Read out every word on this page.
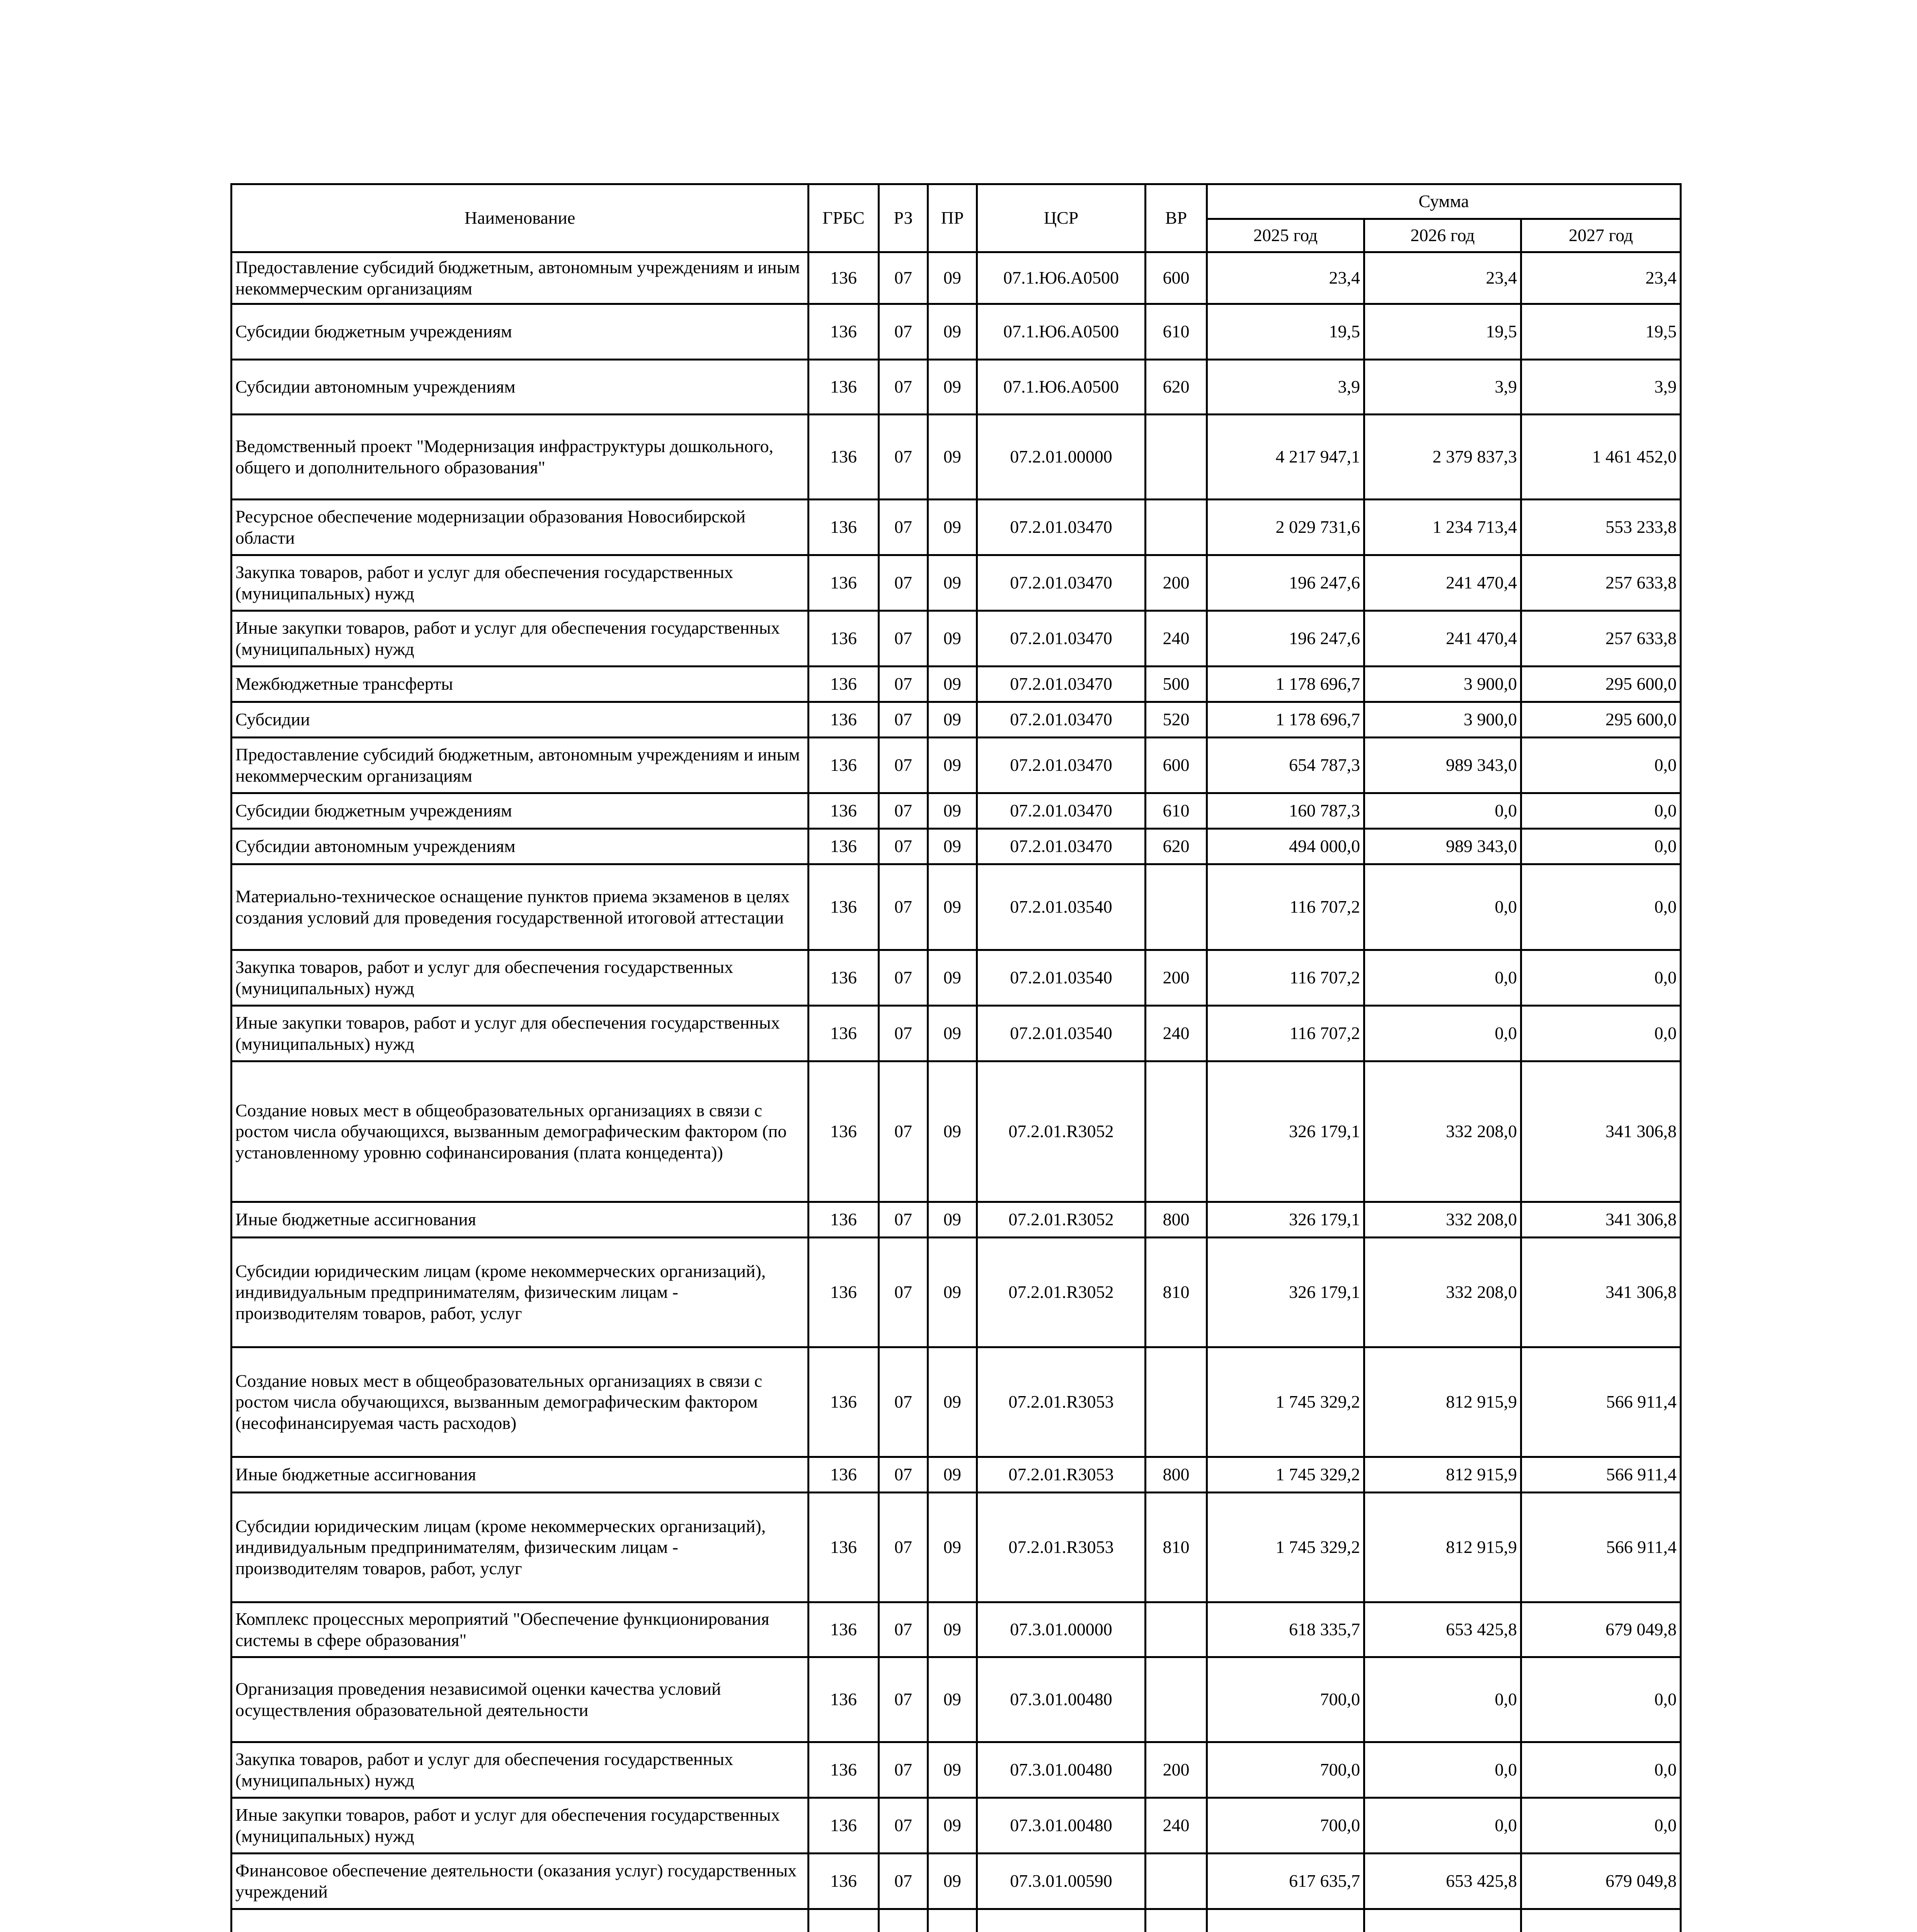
Наименование	ГРБС	РЗ	ПР	ЦСР	ВР	Сумма		
						2025 год	2026 год	2027 год
Предоставление субсидий бюджетным, автономным учреждениям и иным некоммерческим организациям	136	07	09	07.1.Ю6.А0500	600	23,4	23,4	23,4
Субсидии бюджетным учреждениям	136	07	09	07.1.Ю6.А0500	610	19,5	19,5	19,5
Субсидии автономным учреждениям	136	07	09	07.1.Ю6.А0500	620	3,9	3,9	3,9
Ведомственный проект "Модернизация инфраструктуры дошкольного, общего и дополнительного образования"	136	07	09	07.2.01.00000		4 217 947,1	2 379 837,3	1 461 452,0
Ресурсное обеспечение модернизации образования Новосибирской области	136	07	09	07.2.01.03470		2 029 731,6	1 234 713,4	553 233,8
Закупка товаров, работ и услуг для обеспечения государственных (муниципальных) нужд	136	07	09	07.2.01.03470	200	196 247,6	241 470,4	257 633,8
Иные закупки товаров, работ и услуг для обеспечения государственных (муниципальных) нужд	136	07	09	07.2.01.03470	240	196 247,6	241 470,4	257 633,8
Межбюджетные трансферты	136	07	09	07.2.01.03470	500	1 178 696,7	3 900,0	295 600,0
Субсидии	136	07	09	07.2.01.03470	520	1 178 696,7	3 900,0	295 600,0
Предоставление субсидий бюджетным, автономным учреждениям и иным некоммерческим организациям	136	07	09	07.2.01.03470	600	654 787,3	989 343,0	0,0
Субсидии бюджетным учреждениям	136	07	09	07.2.01.03470	610	160 787,3	0,0	0,0
Субсидии автономным учреждениям	136	07	09	07.2.01.03470	620	494 000,0	989 343,0	0,0
Материально-техническое оснащение пунктов приема экзаменов в целях создания условий для проведения государственной итоговой аттестации	136	07	09	07.2.01.03540		116 707,2	0,0	0,0
Закупка товаров, работ и услуг для обеспечения государственных (муниципальных) нужд	136	07	09	07.2.01.03540	200	116 707,2	0,0	0,0
Иные закупки товаров, работ и услуг для обеспечения государственных (муниципальных) нужд	136	07	09	07.2.01.03540	240	116 707,2	0,0	0,0
Создание новых мест в общеобразовательных организациях в связи с ростом числа обучающихся, вызванным демографическим фактором (по установленному уровню софинансирования (плата концедента))	136	07	09	07.2.01.R3052		326 179,1	332 208,0	341 306,8
Иные бюджетные ассигнования	136	07	09	07.2.01.R3052	800	326 179,1	332 208,0	341 306,8
Субсидии юридическим лицам (кроме некоммерческих организаций), индивидуальным предпринимателям, физическим лицам - производителям товаров, работ, услуг	136	07	09	07.2.01.R3052	810	326 179,1	332 208,0	341 306,8
Создание новых мест в общеобразовательных организациях в связи с ростом числа обучающихся, вызванным демографическим фактором (несофинансируемая часть расходов)	136	07	09	07.2.01.R3053		1 745 329,2	812 915,9	566 911,4
Иные бюджетные ассигнования	136	07	09	07.2.01.R3053	800	1 745 329,2	812 915,9	566 911,4
Субсидии юридическим лицам (кроме некоммерческих организаций), индивидуальным предпринимателям, физическим лицам - производителям товаров, работ, услуг	136	07	09	07.2.01.R3053	810	1 745 329,2	812 915,9	566 911,4
Комплекс процессных мероприятий "Обеспечение функционирования системы в сфере образования"	136	07	09	07.3.01.00000		618 335,7	653 425,8	679 049,8
Организация проведения независимой оценки качества условий осуществления образовательной деятельности	136	07	09	07.3.01.00480		700,0	0,0	0,0
Закупка товаров, работ и услуг для обеспечения государственных (муниципальных) нужд	136	07	09	07.3.01.00480	200	700,0	0,0	0,0
Иные закупки товаров, работ и услуг для обеспечения государственных (муниципальных) нужд	136	07	09	07.3.01.00480	240	700,0	0,0	0,0
Финансовое обеспечение деятельности (оказания услуг) государственных учреждений	136	07	09	07.3.01.00590		617 635,7	653 425,8	679 049,8
